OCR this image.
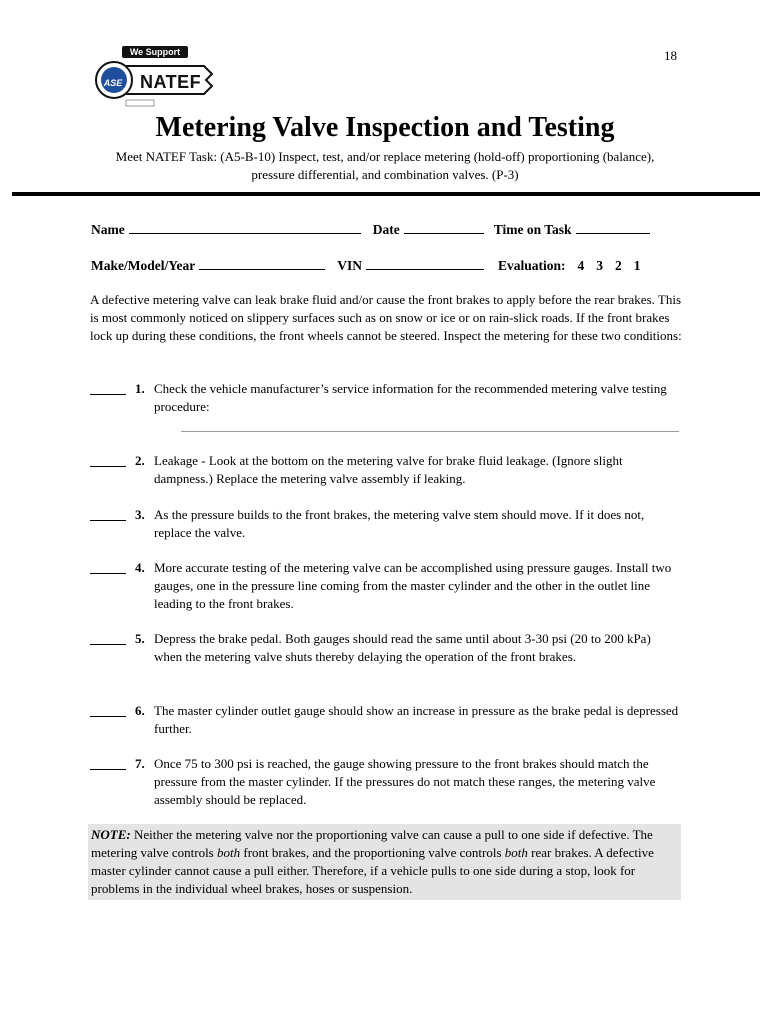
18
We Support
ASE NATEF
Metering Valve Inspection and Testing
Meet NATEF Task: (A5-B-10) Inspect, test, and/or replace metering (hold-off) proportioning (balance), pressure differential, and combination valves. (P-3)
Name	Date	Time on Task
Make/Model/Year	VIN	Evaluation: 4 3 2 1
A defective metering valve can leak brake fluid and/or cause the front brakes to apply before the rear brakes. This is most commonly noticed on slippery surfaces such as on snow or ice or on rain-slick roads. If the front brakes lock up during these conditions, the front wheels cannot be steered. Inspect the metering for these two conditions:
1. Check the vehicle manufacturer’s service information for the recommended metering valve testing procedure:
2. Leakage - Look at the bottom on the metering valve for brake fluid leakage. (Ignore slight dampness.) Replace the metering valve assembly if leaking.
3. As the pressure builds to the front brakes, the metering valve stem should move. If it does not, replace the valve.
4. More accurate testing of the metering valve can be accomplished using pressure gauges. Install two gauges, one in the pressure line coming from the master cylinder and the other in the outlet line leading to the front brakes.
5. Depress the brake pedal. Both gauges should read the same until about 3-30 psi (20 to 200 kPa) when the metering valve shuts thereby delaying the operation of the front brakes.
6. The master cylinder outlet gauge should show an increase in pressure as the brake pedal is depressed further.
7. Once 75 to 300 psi is reached, the gauge showing pressure to the front brakes should match the pressure from the master cylinder. If the pressures do not match these ranges, the metering valve assembly should be replaced.
NOTE: Neither the metering valve nor the proportioning valve can cause a pull to one side if defective. The metering valve controls both front brakes, and the proportioning valve controls both rear brakes. A defective master cylinder cannot cause a pull either. Therefore, if a vehicle pulls to one side during a stop, look for problems in the individual wheel brakes, hoses or suspension.
